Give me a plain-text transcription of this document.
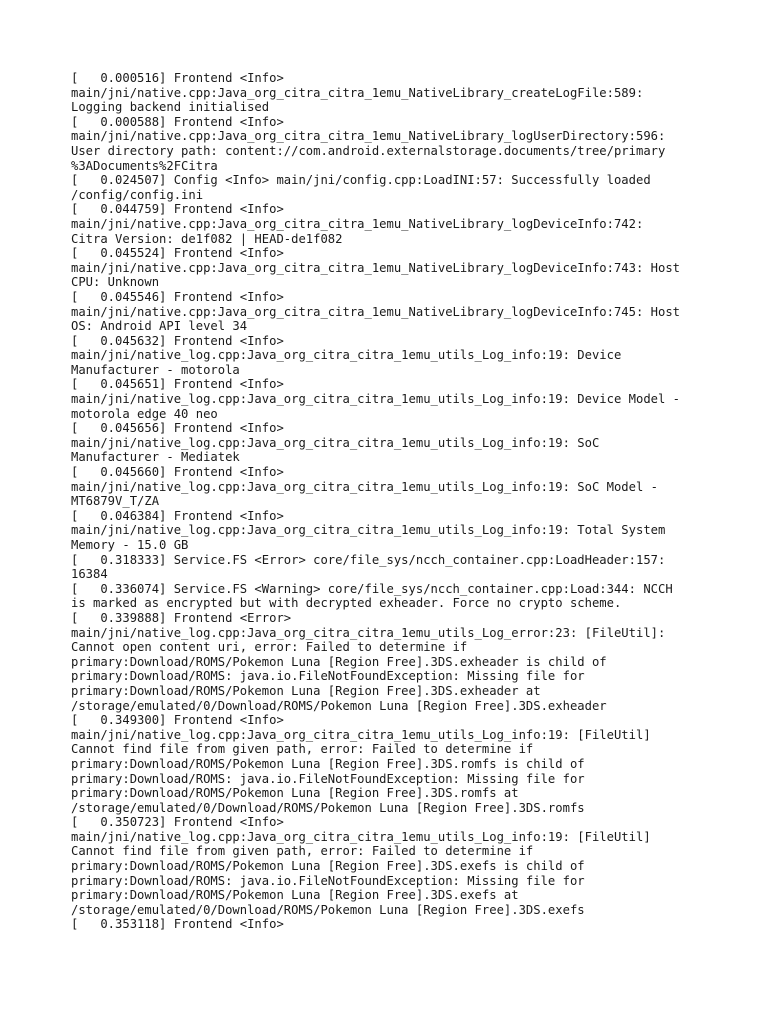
[   0.000516] Frontend <Info>
main/jni/native.cpp:Java_org_citra_citra_1emu_NativeLibrary_createLogFile:589:
Logging backend initialised
[   0.000588] Frontend <Info>
main/jni/native.cpp:Java_org_citra_citra_1emu_NativeLibrary_logUserDirectory:596:
User directory path: content://com.android.externalstorage.documents/tree/primary
%3ADocuments%2FCitra
[   0.024507] Config <Info> main/jni/config.cpp:LoadINI:57: Successfully loaded
/config/config.ini
[   0.044759] Frontend <Info>
main/jni/native.cpp:Java_org_citra_citra_1emu_NativeLibrary_logDeviceInfo:742:
Citra Version: de1f082 | HEAD-de1f082
[   0.045524] Frontend <Info>
main/jni/native.cpp:Java_org_citra_citra_1emu_NativeLibrary_logDeviceInfo:743: Host
CPU: Unknown
[   0.045546] Frontend <Info>
main/jni/native.cpp:Java_org_citra_citra_1emu_NativeLibrary_logDeviceInfo:745: Host
OS: Android API level 34
[   0.045632] Frontend <Info>
main/jni/native_log.cpp:Java_org_citra_citra_1emu_utils_Log_info:19: Device
Manufacturer - motorola
[   0.045651] Frontend <Info>
main/jni/native_log.cpp:Java_org_citra_citra_1emu_utils_Log_info:19: Device Model -
motorola edge 40 neo
[   0.045656] Frontend <Info>
main/jni/native_log.cpp:Java_org_citra_citra_1emu_utils_Log_info:19: SoC
Manufacturer - Mediatek
[   0.045660] Frontend <Info>
main/jni/native_log.cpp:Java_org_citra_citra_1emu_utils_Log_info:19: SoC Model -
MT6879V_T/ZA
[   0.046384] Frontend <Info>
main/jni/native_log.cpp:Java_org_citra_citra_1emu_utils_Log_info:19: Total System
Memory - 15.0 GB
[   0.318333] Service.FS <Error> core/file_sys/ncch_container.cpp:LoadHeader:157:
16384
[   0.336074] Service.FS <Warning> core/file_sys/ncch_container.cpp:Load:344: NCCH
is marked as encrypted but with decrypted exheader. Force no crypto scheme.
[   0.339888] Frontend <Error>
main/jni/native_log.cpp:Java_org_citra_citra_1emu_utils_Log_error:23: [FileUtil]:
Cannot open content uri, error: Failed to determine if
primary:Download/ROMS/Pokemon Luna [Region Free].3DS.exheader is child of
primary:Download/ROMS: java.io.FileNotFoundException: Missing file for
primary:Download/ROMS/Pokemon Luna [Region Free].3DS.exheader at
/storage/emulated/0/Download/ROMS/Pokemon Luna [Region Free].3DS.exheader
[   0.349300] Frontend <Info>
main/jni/native_log.cpp:Java_org_citra_citra_1emu_utils_Log_info:19: [FileUtil]
Cannot find file from given path, error: Failed to determine if
primary:Download/ROMS/Pokemon Luna [Region Free].3DS.romfs is child of
primary:Download/ROMS: java.io.FileNotFoundException: Missing file for
primary:Download/ROMS/Pokemon Luna [Region Free].3DS.romfs at
/storage/emulated/0/Download/ROMS/Pokemon Luna [Region Free].3DS.romfs
[   0.350723] Frontend <Info>
main/jni/native_log.cpp:Java_org_citra_citra_1emu_utils_Log_info:19: [FileUtil]
Cannot find file from given path, error: Failed to determine if
primary:Download/ROMS/Pokemon Luna [Region Free].3DS.exefs is child of
primary:Download/ROMS: java.io.FileNotFoundException: Missing file for
primary:Download/ROMS/Pokemon Luna [Region Free].3DS.exefs at
/storage/emulated/0/Download/ROMS/Pokemon Luna [Region Free].3DS.exefs
[   0.353118] Frontend <Info>
